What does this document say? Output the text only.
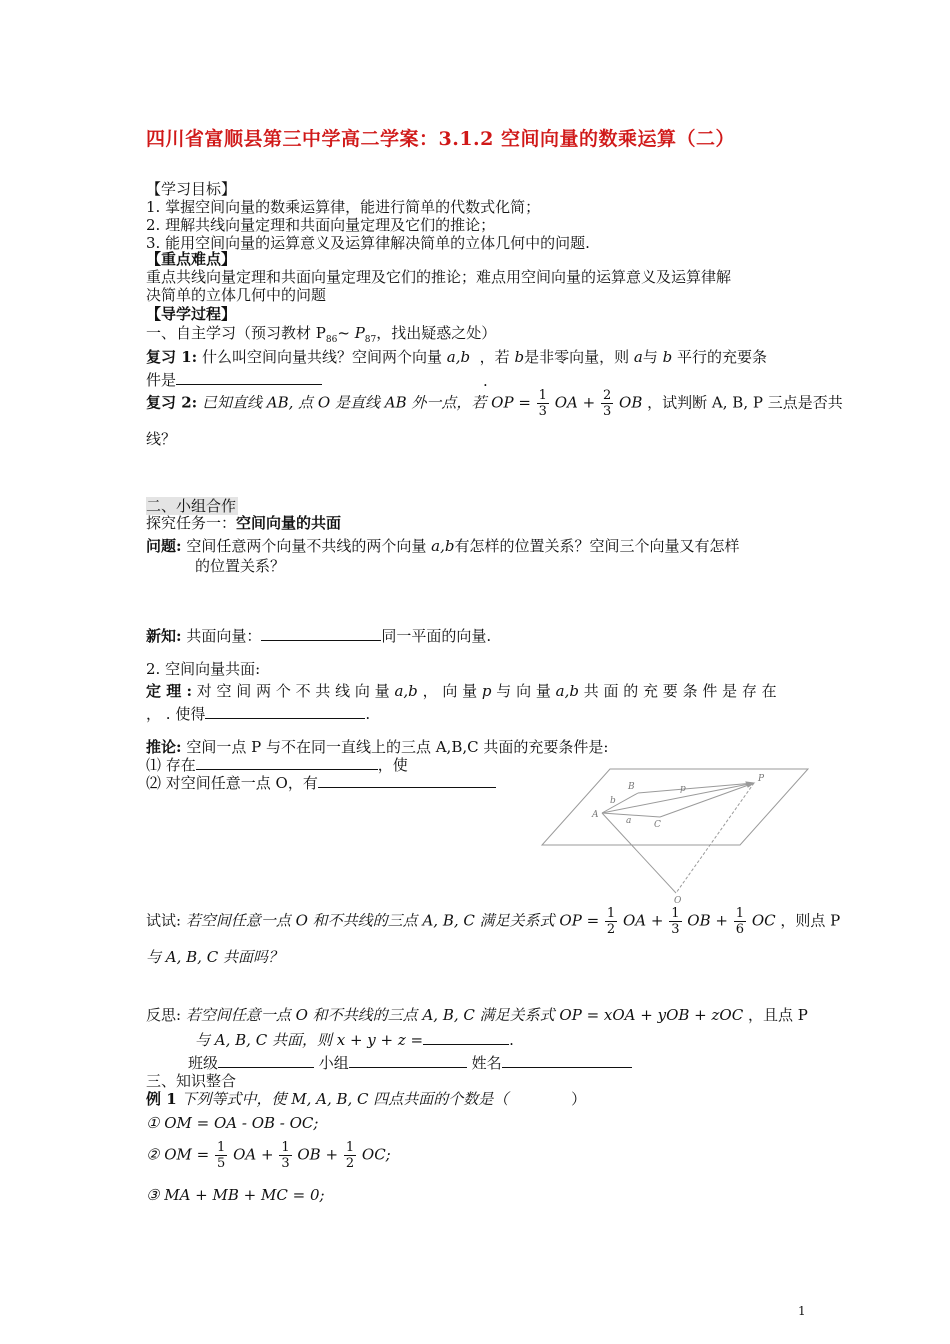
四川省富顺县第三中学高二学案：3.1.2 空间向量的数乘运算（二）
【学习目标】
1. 掌握空间向量的数乘运算律，能进行简单的代数式化简；
2. 理解共线向量定理和共面向量定理及它们的推论；
3. 能用空间向量的运算意义及运算律解决简单的立体几何中的问题.
【重点难点】
重点共线向量定理和共面向量定理及它们的推论；难点用空间向量的运算意义及运算律解
决简单的立体几何中的问题
【导学过程】
一、自主学习（预习教材 $P_{86}\sim$ $P_{87}$，找出疑惑之处）
复习 1: 什么叫空间向量共线？空间两个向量 a,b ，若 b是非零向量，则 a与 b 平行的充要条
件是	.
复习 2: 已知直线 AB, 点 O 是直线 AB 外一点，若 OP = $\frac{1}{3}$ OA + $\frac{2}{3}$ OB ，试判断 A, B, P 三点是否共
线？
二、小组合作
探究任务一：空间向量的共面
问题: 空间任意两个向量不共线的两个向量 a,b有怎样的位置关系？空间三个向量又有怎样
的位置关系？
新知: 共面向量：	同一平面的向量.
2. 空间向量共面:
定 理 : 对 空 间 两 个 不 共 线 向 量 a,b ， 向 量 p 与 向 量 a,b 共 面 的 充 要 条 件 是 存 在
， . 使得	.
推论: 空间一点 P 与不在同一直线上的三点 A,B,C 共面的充要条件是:
⑴ 存在	，使
⑵ 对空间任意一点 O，有	P
B	p
b
A
a	C
O
试试: 若空间任意一点 O 和不共线的三点 A, B, C 满足关系式 OP = $\frac{1}{2}$ OA + $\frac{1}{3}$ OB + $\frac{1}{6}$ OC ，则点 P
与 A, B, C 共面吗？
反思: 若空间任意一点 O 和不共线的三点 A, B, C 满足关系式 OP = xOA + yOB + zOC ，且点 P
与 A, B, C 共面，则 x + y + z =	.
班级	小组	姓名
三、知识整合
例 1 下列等式中，使 M, A, B, C 四点共面的个数是（	）
① OM = OA - OB - OC;
② OM = $\frac{1}{5}$ OA + $\frac{1}{3}$ OB + $\frac{1}{2}$ OC;
③ MA + MB + MC = 0;
1
